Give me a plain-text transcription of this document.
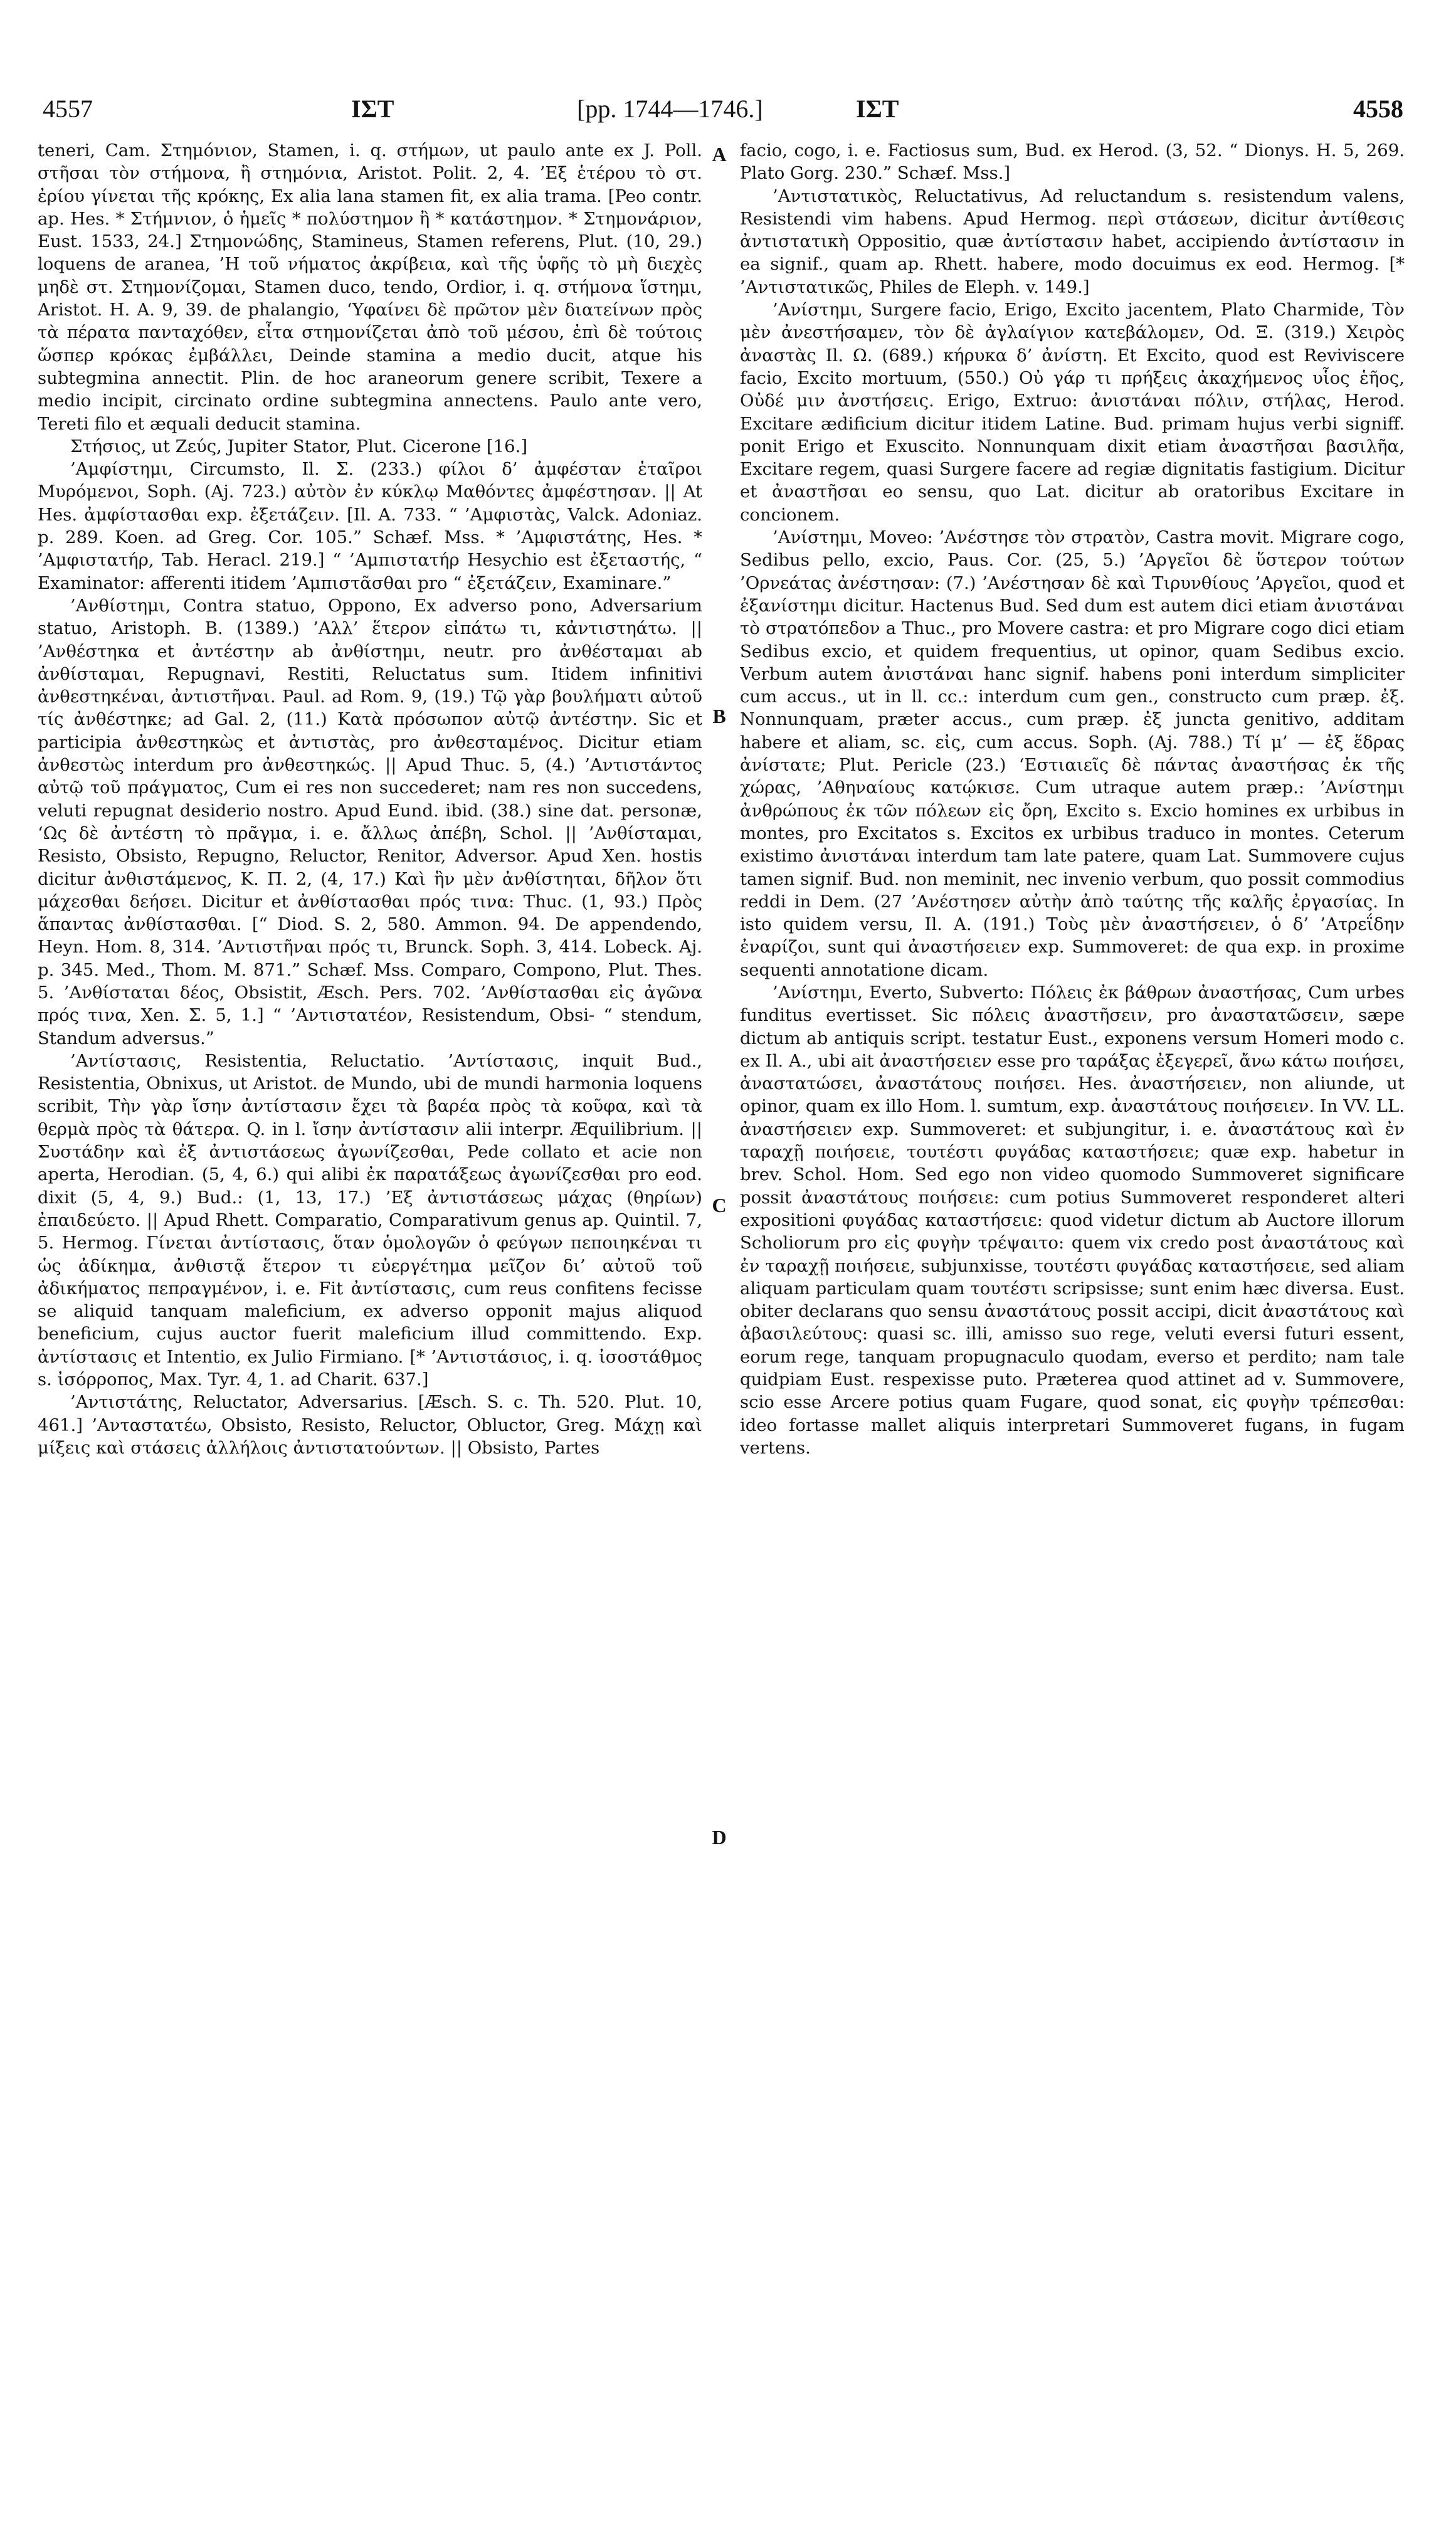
4557	ΙΣΤ	[pp. 1744—1746.]	ΙΣΤ	4558

teneri, Cam. Στημόνιον, Stamen, i. q. στήμων, ut paulo ante ex J. Poll. στῆσαι τὸν στήμονα, ἢ στημόνια, Aristot. Polit. 2, 4. ’Εξ ἑτέρου τὸ στ. ἐρίου γίνεται τῆς κρόκης, Ex alia lana stamen fit, ex alia trama. [Peo contr. ap. Hes. * Στήμνιον, ὁ ἡμεῖς * πολύστημον ἢ * κατάστημον. * Στημονάριον, Eust. 1533, 24.] Στημονώδης, Stamineus, Stamen referens, Plut. (10, 29.) loquens de aranea, ’Η τοῦ νήματος ἀκρίβεια, καὶ τῆς ὑφῆς τὸ μὴ διεχὲς μηδὲ στ. Στημονίζομαι, Stamen duco, tendo, Ordior, i. q. στήμονα ἵστημι, Aristot. H. A. 9, 39. de phalangio, ‘Υφαίνει δὲ πρῶτον μὲν διατείνων πρὸς τὰ πέρατα πανταχόθεν, εἶτα στημονίζεται ἀπὸ τοῦ μέσου, ἐπὶ δὲ τούτοις ὥσπερ κρόκας ἐμβάλλει, Deinde stamina a medio ducit, atque his subtegmina annectit. Plin. de hoc araneorum genere scribit, Texere a medio incipit, circinato ordine subtegmina annectens. Paulo ante vero, Tereti filo et æquali deducit stamina.

Στήσιος, ut Ζεύς, Jupiter Stator, Plut. Cicerone [16.]

’Αμφίστημι, Circumsto, Il. Σ. (233.) φίλοι δ’ ἀμφέσταν ἑταῖροι Μυρόμενοι, Soph. (Aj. 723.) αὐτὸν ἐν κύκλῳ Μαθόντες ἀμφέστησαν. || At Hes. ἀμφίστασθαι exp. ἐξετάζειν. [Il. A. 733. “ ’Αμφιστὰς, Valck. Adoniaz. p. 289. Koen. ad Greg. Cor. 105.” Schæf. Mss. * ’Αμφιστάτης, Hes. * ’Αμφιστατήρ, Tab. Heracl. 219.] “ ’Αμπιστατήρ Hesychio est ἐξεταστής, “ Examinator: afferenti itidem ’Αμπιστᾶσθαι pro “ ἐξετάζειν, Examinare.”

’Ανθίστημι, Contra statuo, Oppono, Ex adverso pono, Adversarium statuo, Aristoph. B. (1389.) ’Αλλ’ ἕτερον εἰπάτω τι, κἀντιστηάτω. || ’Ανθέστηκα et ἀντέστην ab ἀνθίστημι, neutr. pro ἀνθέσταμαι ab ἀνθίσταμαι, Repugnavi, Restiti, Reluctatus sum. Itidem infinitivi ἀνθεστηκέναι, ἀντιστῆναι. Paul. ad Rom. 9, (19.) Τῷ γὰρ βουλήματι αὐτοῦ τίς ἀνθέστηκε; ad Gal. 2, (11.) Κατὰ πρόσωπον αὐτῷ ἀντέστην. Sic et participia ἀνθεστηκὼς et ἀντιστὰς, pro ἀνθεσταμένος. Dicitur etiam ἀνθεστὼς interdum pro ἀνθεστηκώς. || Apud Thuc. 5, (4.) ’Αντιστάντος αὐτῷ τοῦ πράγματος, Cum ei res non succederet; nam res non succedens, veluti repugnat desiderio nostro. Apud Eund. ibid. (38.) sine dat. personæ, ‘Ως δὲ ἀντέστη τὸ πρᾶγμα, i. e. ἄλλως ἀπέβη, Schol. || ’Ανθίσταμαι, Resisto, Obsisto, Repugno, Reluctor, Renitor, Adversor. Apud Xen. hostis dicitur ἀνθιστάμενος, K. Π. 2, (4, 17.) Καὶ ἣν μὲν ἀνθίστηται, δῆλον ὅτι μάχεσθαι δεήσει. Dicitur et ἀνθίστασθαι πρός τινα: Thuc. (1, 93.) Πρὸς ἅπαντας ἀνθίστασθαι. [“ Diod. S. 2, 580. Ammon. 94. De appendendo, Heyn. Hom. 8, 314. ’Αντιστῆναι πρός τι, Brunck. Soph. 3, 414. Lobeck. Aj. p. 345. Med., Thom. M. 871.” Schæf. Mss. Comparo, Compono, Plut. Thes. 5. ’Ανθίσταται δέος, Obsistit, Æsch. Pers. 702. ’Ανθίστασθαι εἰς ἀγῶνα πρός τινα, Xen. Σ. 5, 1.] “ ’Αντιστατέον, Resistendum, Obsi- “ stendum, Standum adversus.”

’Αντίστασις, Resistentia, Reluctatio. ’Αντίστασις, inquit Bud., Resistentia, Obnixus, ut Aristot. de Mundo, ubi de mundi harmonia loquens scribit, Τὴν γὰρ ἴσην ἀντίστασιν ἔχει τὰ βαρέα πρὸς τὰ κοῦφα, καὶ τὰ θερμὰ πρὸς τὰ θάτερα. Q. in l. ἴσην ἀντίστασιν alii interpr. Æquilibrium. || Συστάδην καὶ ἐξ ἀντιστάσεως ἀγωνίζεσθαι, Pede collato et acie non aperta, Herodian. (5, 4, 6.) qui alibi ἐκ παρατάξεως ἀγωνίζεσθαι pro eod. dixit (5, 4, 9.) Bud.: (1, 13, 17.) ’Εξ ἀντιστάσεως μάχας (θηρίων) ἐπαιδεύετο. || Apud Rhett. Comparatio, Comparativum genus ap. Quintil. 7, 5. Hermog. Γίνεται ἀντίστασις, ὅταν ὁμολογῶν ὁ φεύγων πεποιηκέναι τι ὡς ἀδίκημα, ἀνθιστᾷ ἕτερον τι εὐεργέτημα μεῖζον δι’ αὐτοῦ τοῦ ἀδικήματος πεπραγμένον, i. e. Fit ἀντίστασις, cum reus confitens fecisse se aliquid tanquam maleficium, ex adverso opponit majus aliquod beneficium, cujus auctor fuerit maleficium illud committendo. Exp. ἀντίστασις et Intentio, ex Julio Firmiano. [* ’Αντιστάσιος, i. q. ἰσοστάθμος s. ἰσόρροπος, Max. Tyr. 4, 1. ad Charit. 637.]

’Αντιστάτης, Reluctator, Adversarius. [Æsch. S. c. Th. 520. Plut. 10, 461.] ’Ανταστατέω, Obsisto, Resisto, Reluctor, Obluctor, Greg. Μάχῃ καὶ μίξεις καὶ στάσεις ἀλλήλοις ἀντιστατούντων. || Obsisto, Partes

A
B
C
D

facio, cogo, i. e. Factiosus sum, Bud. ex Herod. (3, 52. “ Dionys. H. 5, 269. Plato Gorg. 230.” Schæf. Mss.]

’Αντιστατικὸς, Reluctativus, Ad reluctandum s. resistendum valens, Resistendi vim habens. Apud Hermog. περὶ στάσεων, dicitur ἀντίθεσις ἀντιστατικὴ Oppositio, quæ ἀντίστασιν habet, accipiendo ἀντίστασιν in ea signif., quam ap. Rhett. habere, modo docuimus ex eod. Hermog. [* ’Αντιστατικῶς, Philes de Eleph. v. 149.]

’Ανίστημι, Surgere facio, Erigo, Excito jacentem, Plato Charmide, Τὸν μὲν ἀνεστήσαμεν, τὸν δὲ ἀγλαίγιον κατεβάλομεν, Od. Ξ. (319.) Χειρὸς ἀναστὰς Il. Ω. (689.) κήρυκα δ’ ἀνίστη. Et Excito, quod est Reviviscere facio, Excito mortuum, (550.) Οὐ γάρ τι πρήξεις ἀκαχήμενος υἷος ἑῆος, Οὐδέ μιν ἀνστήσεις. Erigo, Extruo: ἀνιστάναι πόλιν, στήλας, Herod. Excitare ædificium dicitur itidem Latine. Bud. primam hujus verbi signiff. ponit Erigo et Exuscito. Nonnunquam dixit etiam ἀναστῆσαι βασιλῆα, Excitare regem, quasi Surgere facere ad regiæ dignitatis fastigium. Dicitur et ἀναστῆσαι eo sensu, quo Lat. dicitur ab oratoribus Excitare in concionem.

’Ανίστημι, Moveo: ’Ανέστησε τὸν στρατὸν, Castra movit. Migrare cogo, Sedibus pello, excio, Paus. Cor. (25, 5.) ’Αργεῖοι δὲ ὕστερον τούτων ’Ορνεάτας ἀνέστησαν: (7.) ’Ανέστησαν δὲ καὶ Τιρυνθίους ’Αργεῖοι, quod et ἐξανίστημι dicitur. Hactenus Bud. Sed dum est autem dici etiam ἀνιστάναι τὸ στρατόπεδον a Thuc., pro Movere castra: et pro Migrare cogo dici etiam Sedibus excio, et quidem frequentius, ut opinor, quam Sedibus excio. Verbum autem ἀνιστάναι hanc signif. habens poni interdum simpliciter cum accus., ut in ll. cc.: interdum cum gen., constructo cum præp. ἐξ. Nonnunquam, præter accus., cum præp. ἐξ juncta genitivo, additam habere et aliam, sc. εἰς, cum accus. Soph. (Aj. 788.) Τί μ’ — ἐξ ἕδρας ἀνίστατε; Plut. Pericle (23.) ‘Εστιαιεῖς δὲ πάντας ἀναστήσας ἐκ τῆς χώρας, ’Αθηναίους κατῴκισε. Cum utraque autem præp.: ’Ανίστημι ἀνθρώπους ἐκ τῶν πόλεων εἰς ὄρη, Excito s. Excio homines ex urbibus in montes, pro Excitatos s. Excitos ex urbibus traduco in montes. Ceterum existimo ἀνιστάναι interdum tam late patere, quam Lat. Summovere cujus tamen signif. Bud. non meminit, nec invenio verbum, quo possit commodius reddi in Dem. (27 ’Ανέστησεν αὐτὴν ἀπὸ ταύτης τῆς καλῆς ἐργασίας. In isto quidem versu, Il. A. (191.) Τοὺς μὲν ἀναστήσειεν, ὁ δ’ ’Ατρεΐδην ἐναρίζοι, sunt qui ἀναστήσειεν exp. Summoveret: de qua exp. in proxime sequenti annotatione dicam.

’Ανίστημι, Everto, Subverto: Πόλεις ἐκ βάθρων ἀναστήσας, Cum urbes funditus evertisset. Sic πόλεις ἀναστῆσειν, pro ἀναστατῶσειν, sæpe dictum ab antiquis script. testatur Eust., exponens versum Homeri modo c. ex Il. A., ubi ait ἀναστήσειεν esse pro ταράξας ἐξεγερεῖ, ἄνω κάτω ποιήσει, ἀναστατώσει, ἀναστάτους ποιήσει. Hes. ἀναστήσειεν, non aliunde, ut opinor, quam ex illo Hom. l. sumtum, exp. ἀναστάτους ποιήσειεν. In VV. LL. ἀναστήσειεν exp. Summoveret: et subjungitur, i. e. ἀναστάτους καὶ ἐν ταραχῇ ποιήσειε, τουτέστι φυγάδας καταστήσειε; quæ exp. habetur in brev. Schol. Hom. Sed ego non video quomodo Summoveret significare possit ἀναστάτους ποιήσειε: cum potius Summoveret responderet alteri expositioni φυγάδας καταστήσειε: quod videtur dictum ab Auctore illorum Scholiorum pro εἰς φυγὴν τρέψαιτο: quem vix credo post ἀναστάτους καὶ ἐν ταραχῇ ποιήσειε, subjunxisse, τουτέστι φυγάδας καταστήσειε, sed aliam aliquam particulam quam τουτέστι scripsisse; sunt enim hæc diversa. Eust. obiter declarans quo sensu ἀναστάτους possit accipi, dicit ἀναστάτους καὶ ἀβασιλεύτους: quasi sc. illi, amisso suo rege, veluti eversi futuri essent, eorum rege, tanquam propugnaculo quodam, everso et perdito; nam tale quidpiam Eust. respexisse puto. Præterea quod attinet ad v. Summovere, scio esse Arcere potius quam Fugare, quod sonat, εἰς φυγὴν τρέπεσθαι: ideo fortasse mallet aliquis interpretari Summoveret fugans, in fugam vertens.
